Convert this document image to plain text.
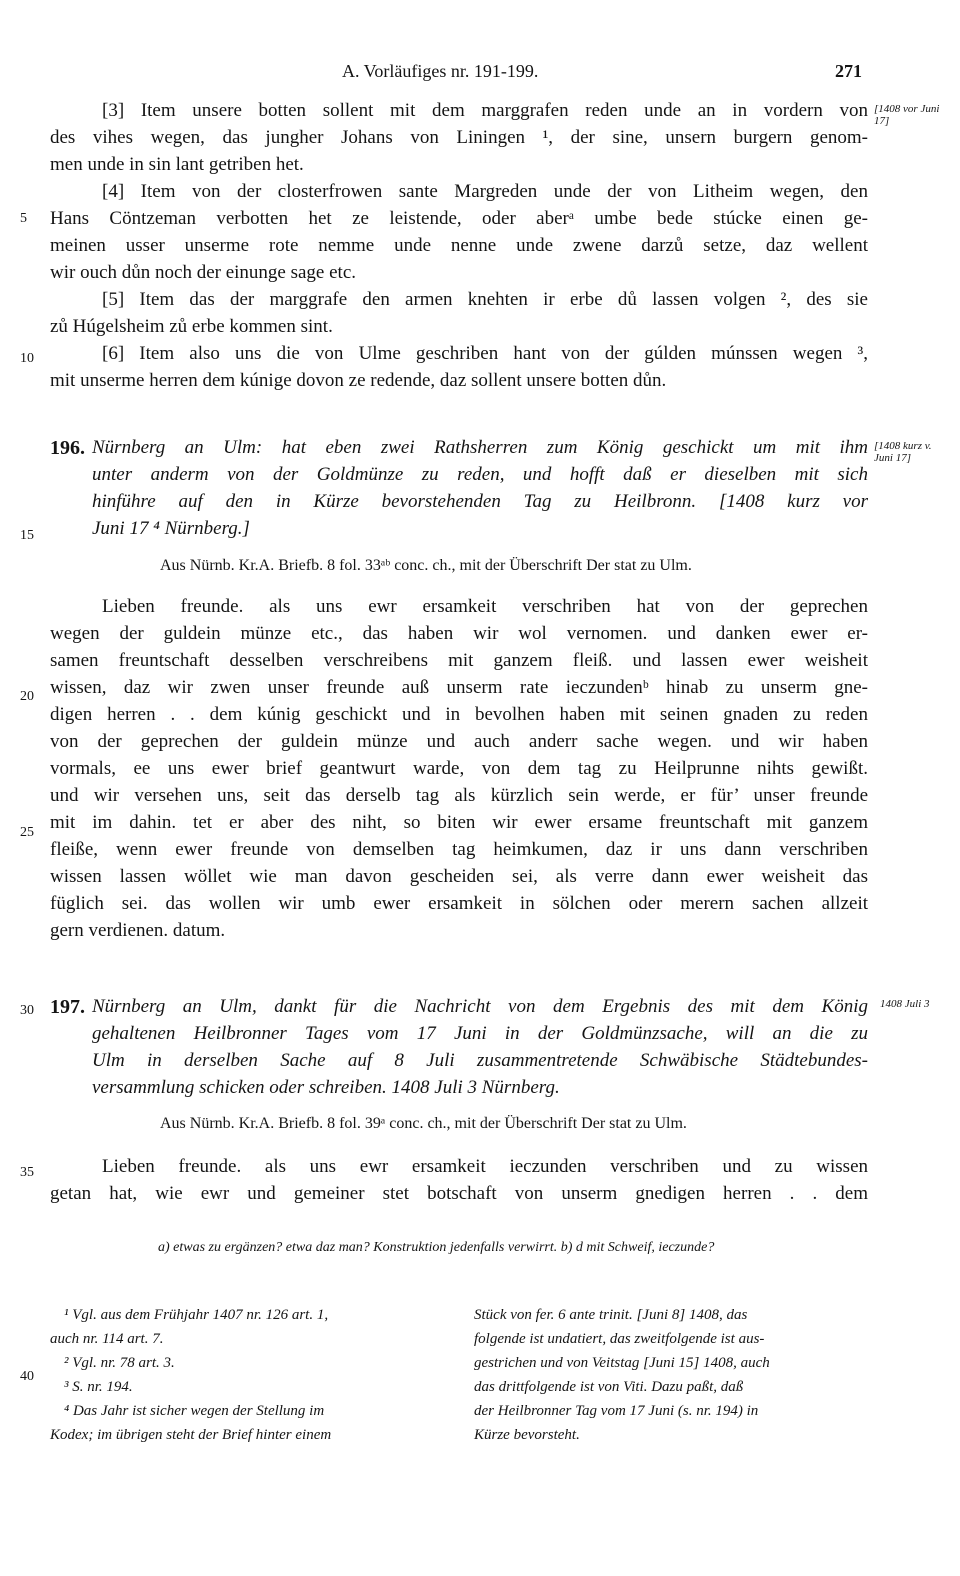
A. Vorläufiges nr. 191-199.	271
[1408 vor Juni 17]
[1408 kurz v. Juni 17]
1408 Juli 3
5
10
15
20
25
30
35
40
[3] Item unsere botten sollent mit dem marggrafen reden unde an in vordern von
des vihes wegen, das jungher Johans von Liningen ¹, der sine, unsern burgern genom-
men unde in sin lant getriben het.
[4] Item von der closterfrowen sante Margreden unde der von Litheim wegen, den
Hans Cöntzeman verbotten het ze leistende, oder aberᵃ umbe bede stúcke einen ge-
meinen usser unserme rote nemme unde nenne unde zwene darzů setze, daz wellent
wir ouch důn noch der einunge sage etc.
[5] Item das der marggrafe den armen knehten ir erbe dů lassen volgen ², des sie
zů Húgelsheim zů erbe kommen sint.
[6] Item also uns die von Ulme geschriben hant von der gúlden múnssen wegen ³,
mit unserme herren dem kúnige dovon ze redende, daz sollent unsere botten důn.
196. Nürnberg an Ulm: hat eben zwei Rathsherren zum König geschickt um mit ihm
unter anderm von der Goldmünze zu reden, und hofft daß er dieselben mit sich
hinführe auf den in Kürze bevorstehenden Tag zu Heilbronn. [1408 kurz vor
Juni 17 ⁴ Nürnberg.]
Aus Nürnb. Kr.A. Briefb. 8 fol. 33ᵃᵇ conc. ch., mit der Überschrift Der stat zu Ulm.
Lieben freunde. als uns ewr ersamkeit verschriben hat von der geprechen
wegen der guldein münze etc., das haben wir wol vernomen. und danken ewer er-
samen freuntschaft desselben verschreibens mit ganzem fleiß. und lassen ewer weisheit
wissen, daz wir zwen unser freunde auß unserm rate ieczundenᵇ hinab zu unserm gne-
digen herren . . dem kúnig geschickt und in bevolhen haben mit seinen gnaden zu reden
von der geprechen der guldein münze und auch anderr sache wegen. und wir haben
vormals, ee uns ewer brief geantwurt warde, von dem tag zu Heilprunne nihts gewißt.
und wir versehen uns, seit das derselb tag als kürzlich sein werde, er für’ unser freunde
mit im dahin. tet er aber des niht, so biten wir ewer ersame freuntschaft mit ganzem
fleiße, wenn ewer freunde von demselben tag heimkumen, daz ir uns dann verschriben
wissen lassen wöllet wie man davon gescheiden sei, als verre dann ewer weisheit das
füglich sei. das wollen wir umb ewer ersamkeit in sölchen oder merern sachen allzeit
gern verdienen. datum.
197. Nürnberg an Ulm, dankt für die Nachricht von dem Ergebnis des mit dem König
gehaltenen Heilbronner Tages vom 17 Juni in der Goldmünzsache, will an die zu
Ulm in derselben Sache auf 8 Juli zusammentretende Schwäbische Städtebundes-
versammlung schicken oder schreiben. 1408 Juli 3 Nürnberg.
Aus Nürnb. Kr.A. Briefb. 8 fol. 39ᵃ conc. ch., mit der Überschrift Der stat zu Ulm.
Lieben freunde. als uns ewr ersamkeit ieczunden verschriben und zu wissen
getan hat, wie ewr und gemeiner stet botschaft von unserm gnedigen herren . . dem
a) etwas zu ergänzen? etwa daz man? Konstruktion jedenfalls verwirrt. b) d mit Schweif, ieczunde?
¹ Vgl. aus dem Frühjahr 1407 nr. 126 art. 1,
auch nr. 114 art. 7.
² Vgl. nr. 78 art. 3.
³ S. nr. 194.
⁴ Das Jahr ist sicher wegen der Stellung im
Kodex; im übrigen steht der Brief hinter einem
Stück von fer. 6 ante trinit. [Juni 8] 1408, das
folgende ist undatiert, das zweitfolgende ist aus-
gestrichen und von Veitstag [Juni 15] 1408, auch
das drittfolgende ist von Viti. Dazu paßt, daß
der Heilbronner Tag vom 17 Juni (s. nr. 194) in
Kürze bevorsteht.
